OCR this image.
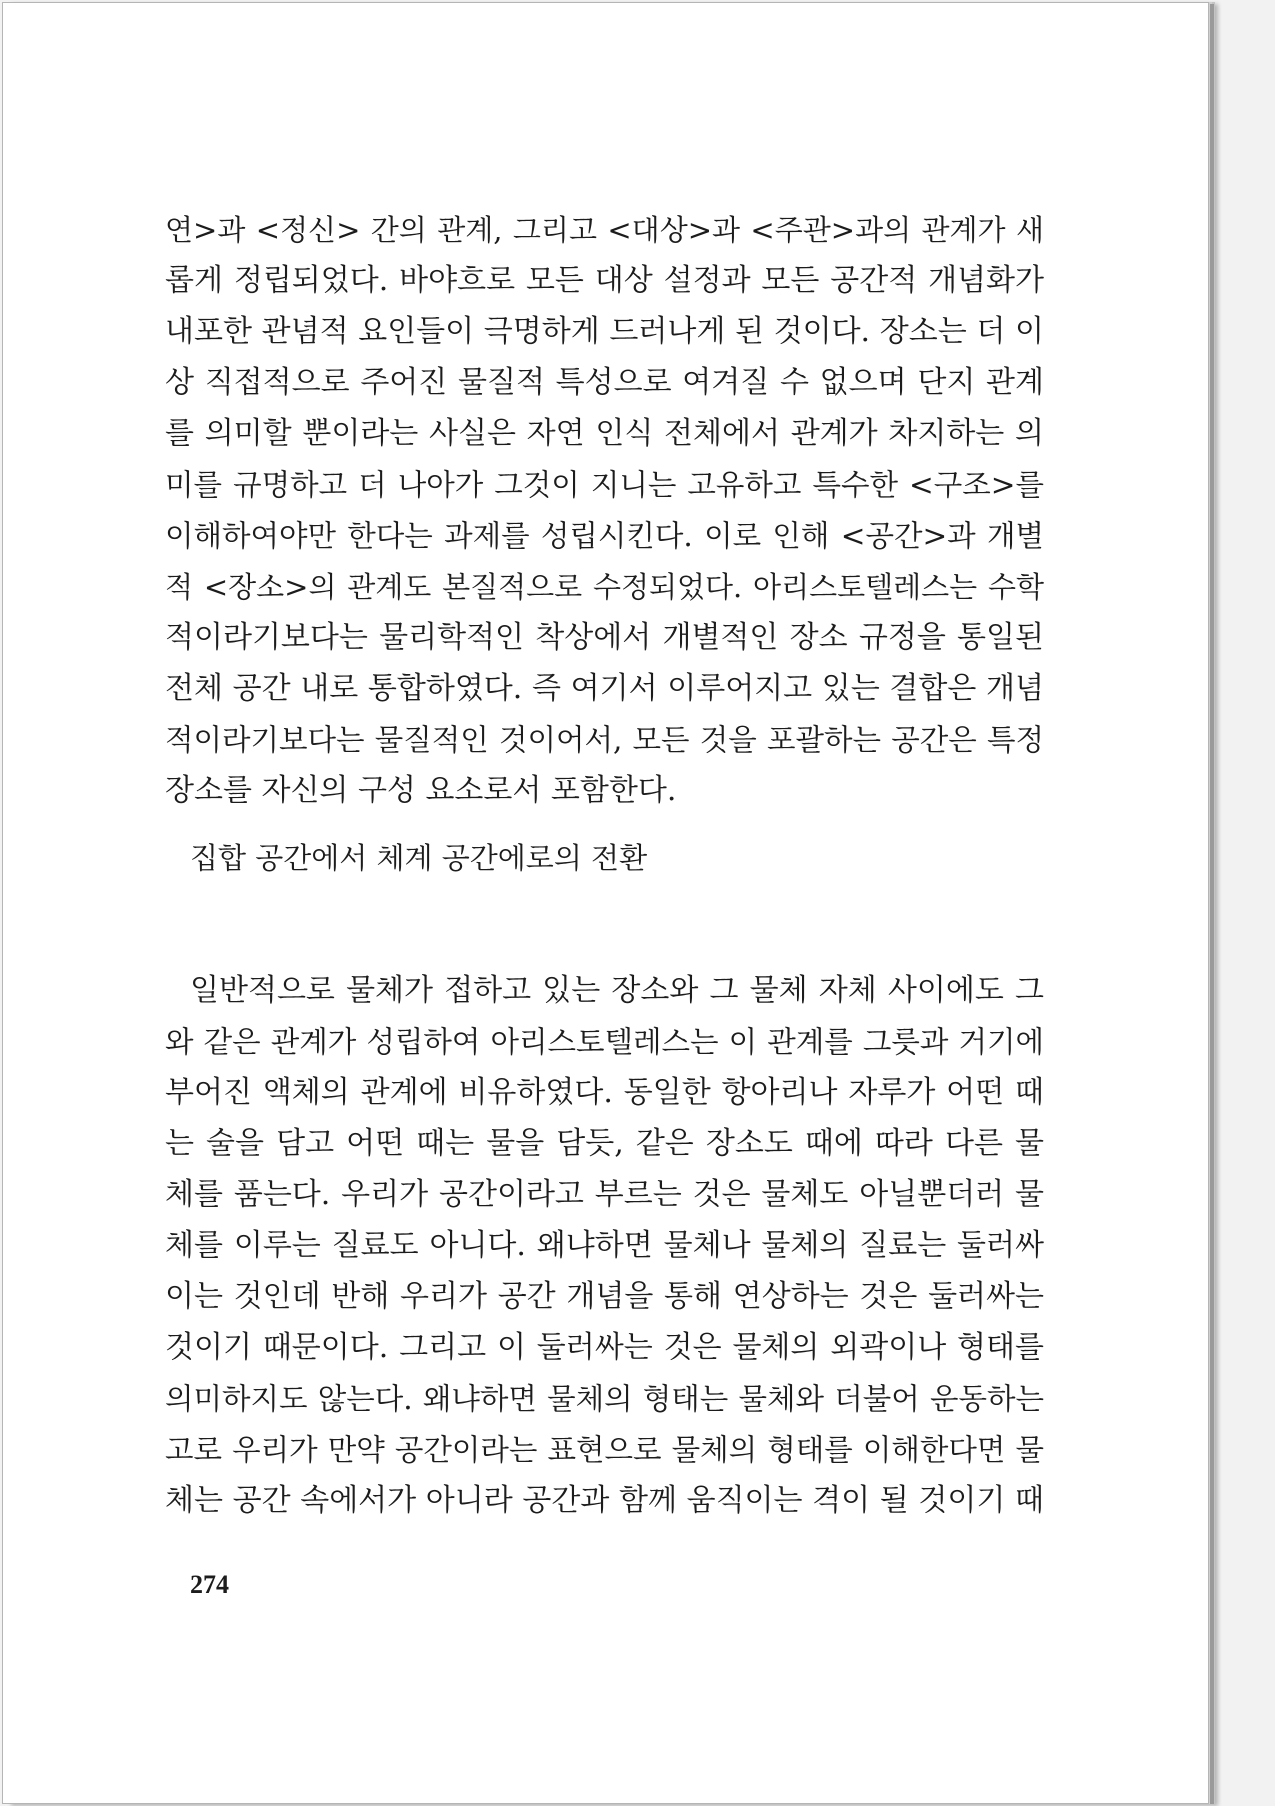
연>과 <정신> 간의 관계, 그리고 <대상>과 <주관>과의 관계가 새

롭게 정립되었다. 바야흐로 모든 대상 설정과 모든 공간적 개념화가

내포한 관념적 요인들이 극명하게 드러나게 된 것이다. 장소는 더 이

상 직접적으로 주어진 물질적 특성으로 여겨질 수 없으며 단지 관계

를 의미할 뿐이라는 사실은 자연 인식 전체에서 관계가 차지하는 의

미를 규명하고 더 나아가 그것이 지니는 고유하고 특수한 <구조>를

이해하여야만 한다는 과제를 성립시킨다. 이로 인해 <공간>과 개별

적 <장소>의 관계도 본질적으로 수정되었다. 아리스토텔레스는 수학

적이라기보다는 물리학적인 착상에서 개별적인 장소 규정을 통일된

전체 공간 내로 통합하였다. 즉 여기서 이루어지고 있는 결합은 개념

적이라기보다는 물질적인 것이어서, 모든 것을 포괄하는 공간은 특정

장소를 자신의 구성 요소로서 포함한다.

집합 공간에서 체계 공간에로의 전환

일반적으로 물체가 접하고 있는 장소와 그 물체 자체 사이에도 그

와 같은 관계가 성립하여 아리스토텔레스는 이 관계를 그릇과 거기에

부어진 액체의 관계에 비유하였다. 동일한 항아리나 자루가 어떤 때

는 술을 담고 어떤 때는 물을 담듯, 같은 장소도 때에 따라 다른 물

체를 품는다. 우리가 공간이라고 부르는 것은 물체도 아닐뿐더러 물

체를 이루는 질료도 아니다. 왜냐하면 물체나 물체의 질료는 둘러싸

이는 것인데 반해 우리가 공간 개념을 통해 연상하는 것은 둘러싸는

것이기 때문이다. 그리고 이 둘러싸는 것은 물체의 외곽이나 형태를

의미하지도 않는다. 왜냐하면 물체의 형태는 물체와 더불어 운동하는

고로 우리가 만약 공간이라는 표현으로 물체의 형태를 이해한다면 물

체는 공간 속에서가 아니라 공간과 함께 움직이는 격이 될 것이기 때

274
